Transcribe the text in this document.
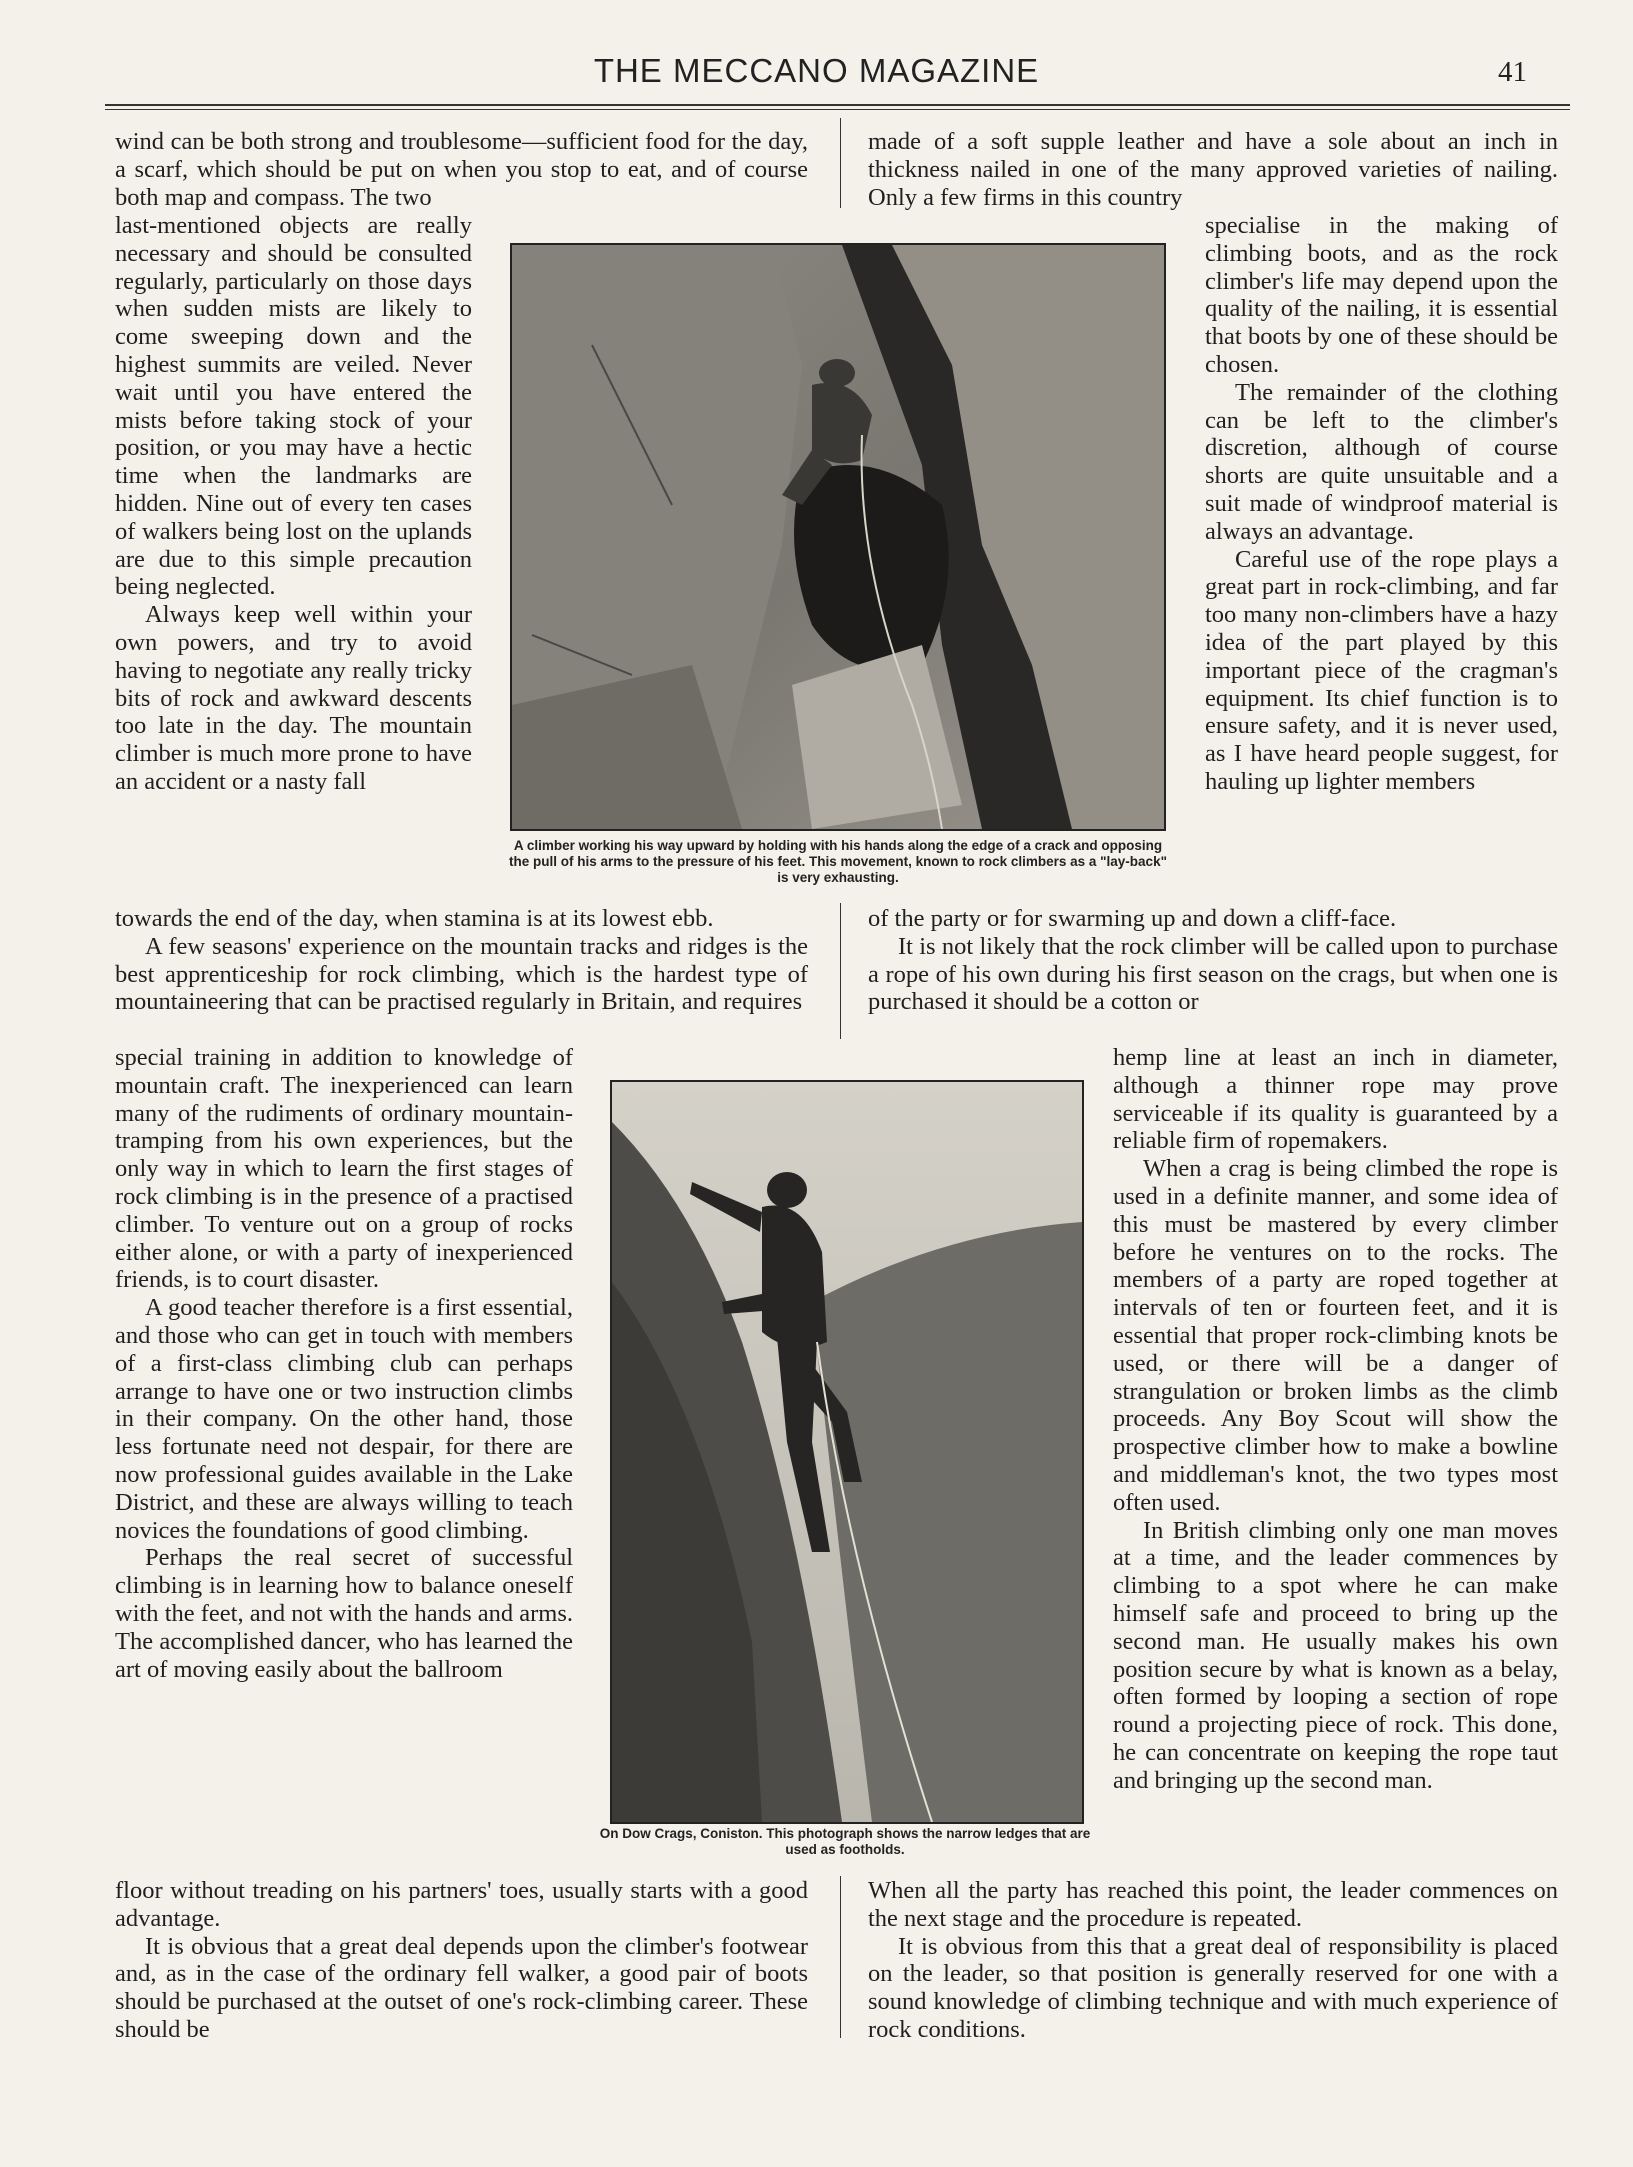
THE MECCANO MAGAZINE	41

wind can be both strong and troublesome—sufficient food for the day, a scarf, which should be put on when you stop to eat, and of course both map and compass. The two

last-mentioned objects are really necessary and should be consulted regularly, particularly on those days when sudden mists are likely to come sweeping down and the highest summits are veiled. Never wait until you have entered the mists before taking stock of your position, or you may have a hectic time when the landmarks are hidden. Nine out of every ten cases of walkers being lost on the uplands are due to this simple precaution being neglected.

Always keep well within your own powers, and try to avoid having to negotiate any really tricky bits of rock and awkward descents too late in the day. The mountain climber is much more prone to have an accident or a nasty fall

towards the end of the day, when stamina is at its lowest ebb.

A few seasons' experience on the mountain tracks and ridges is the best apprenticeship for rock climbing, which is the hardest type of mountaineering that can be practised regularly in Britain, and requires

special training in addition to knowledge of mountain craft. The inexperienced can learn many of the rudiments of ordinary mountain-tramping from his own experiences, but the only way in which to learn the first stages of rock climbing is in the presence of a practised climber. To venture out on a group of rocks either alone, or with a party of inexperienced friends, is to court disaster.

A good teacher therefore is a first essential, and those who can get in touch with members of a first-class climbing club can perhaps arrange to have one or two instruction climbs in their company. On the other hand, those less fortunate need not despair, for there are now professional guides available in the Lake District, and these are always willing to teach novices the foundations of good climbing.

Perhaps the real secret of successful climbing is in learning how to balance oneself with the feet, and not with the hands and arms. The accomplished dancer, who has learned the art of moving easily about the ballroom

floor without treading on his partners' toes, usually starts with a good advantage.

It is obvious that a great deal depends upon the climber's footwear and, as in the case of the ordinary fell walker, a good pair of boots should be purchased at the outset of one's rock-climbing career. These should be

made of a soft supple leather and have a sole about an inch in thickness nailed in one of the many approved varieties of nailing. Only a few firms in this country

specialise in the making of climbing boots, and as the rock climber's life may depend upon the quality of the nailing, it is essential that boots by one of these should be chosen.

The remainder of the clothing can be left to the climber's discretion, although of course shorts are quite unsuitable and a suit made of windproof material is always an advantage.

Careful use of the rope plays a great part in rock-climbing, and far too many non-climbers have a hazy idea of the part played by this important piece of the cragman's equipment. Its chief function is to ensure safety, and it is never used, as I have heard people suggest, for hauling up lighter members

of the party or for swarming up and down a cliff-face.

It is not likely that the rock climber will be called upon to purchase a rope of his own during his first season on the crags, but when one is purchased it should be a cotton or

hemp line at least an inch in diameter, although a thinner rope may prove serviceable if its quality is guaranteed by a reliable firm of ropemakers.

When a crag is being climbed the rope is used in a definite manner, and some idea of this must be mastered by every climber before he ventures on to the rocks. The members of a party are roped together at intervals of ten or fourteen feet, and it is essential that proper rock-climbing knots be used, or there will be a danger of strangulation or broken limbs as the climb proceeds. Any Boy Scout will show the prospective climber how to make a bowline and middleman's knot, the two types most often used.

In British climbing only one man moves at a time, and the leader commences by climbing to a spot where he can make himself safe and proceed to bring up the second man. He usually makes his own position secure by what is known as a belay, often formed by looping a section of rope round a projecting piece of rock. This done, he can concentrate on keeping the rope taut and bringing up the second man.

When all the party has reached this point, the leader commences on the next stage and the procedure is repeated.

It is obvious from this that a great deal of responsibility is placed on the leader, so that position is generally reserved for one with a sound knowledge of climbing technique and with much experience of rock conditions.

A climber working his way upward by holding with his hands along the edge of a crack and opposing the pull of his arms to the pressure of his feet. This movement, known to rock climbers as a "lay-back" is very exhausting.
On Dow Crags, Coniston. This photograph shows the narrow ledges that are used as footholds.
